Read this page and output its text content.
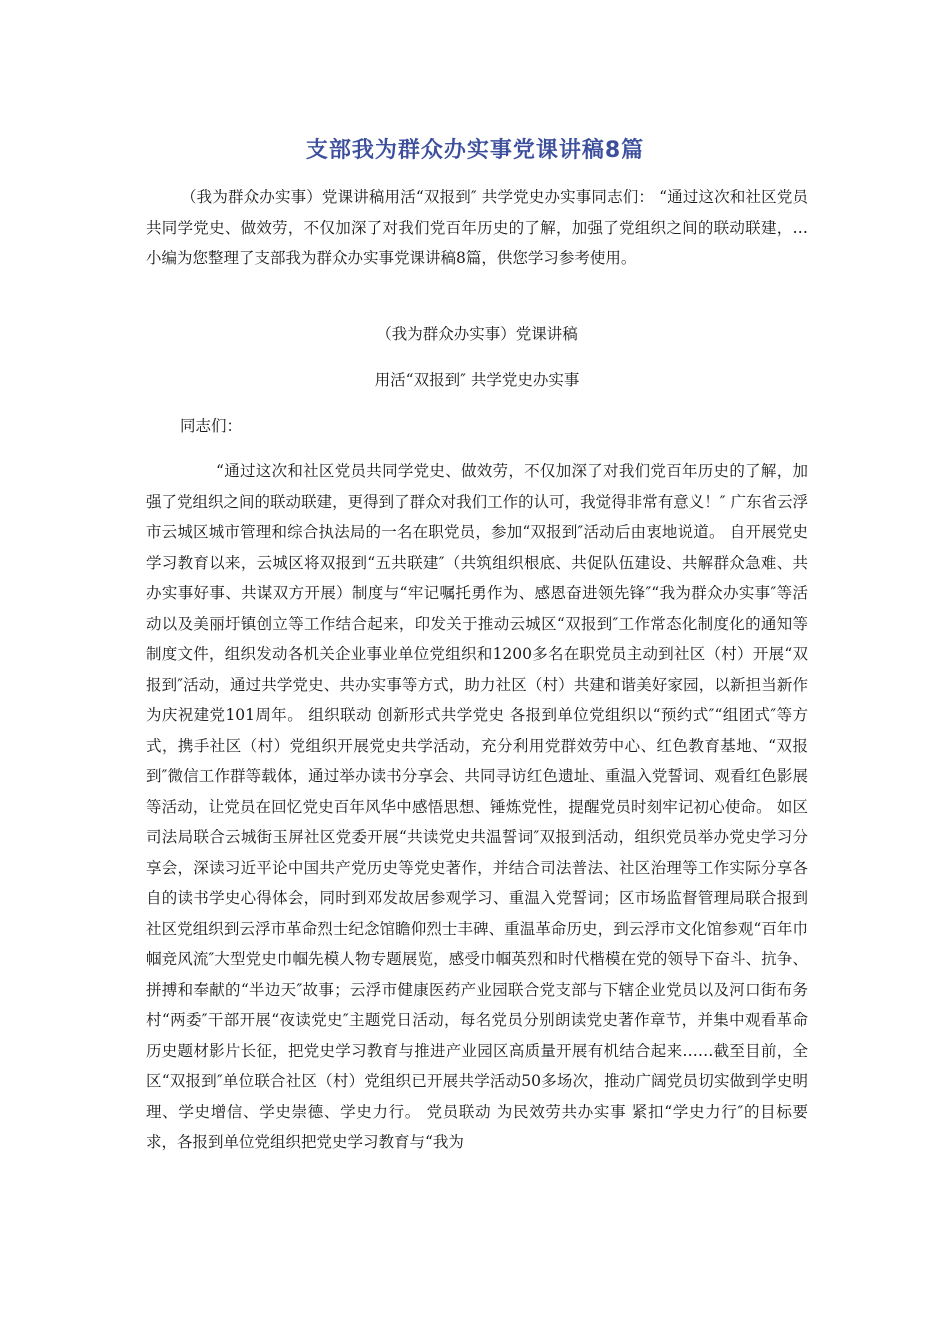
支部我为群众办实事党课讲稿8篇
（我为群众办实事）党课讲稿用活“双报到″ 共学党史办实事同志们： “通过这次和社区党员共同学党史、做效劳，不仅加深了对我们党百年历史的了解，加强了党组织之间的联动联建，…小编为您整理了支部我为群众办实事党课讲稿8篇，供您学习参考使用。
（我为群众办实事）党课讲稿
用活“双报到″ 共学党史办实事
同志们：
“通过这次和社区党员共同学党史、做效劳，不仅加深了对我们党百年历史的了解，加强了党组织之间的联动联建，更得到了群众对我们工作的认可，我觉得非常有意义！″ 广东省云浮市云城区城市管理和综合执法局的一名在职党员，参加“双报到″活动后由衷地说道。 自开展党史学习教育以来，云城区将双报到“五共联建″（共筑组织根底、共促队伍建设、共解群众急难、共办实事好事、共谋双方开展）制度与“牢记嘱托勇作为、感恩奋进领先锋″“我为群众办实事″等活动以及美丽圩镇创立等工作结合起来，印发关于推动云城区“双报到″工作常态化制度化的通知等制度文件，组织发动各机关企业事业单位党组织和1200多名在职党员主动到社区（村）开展“双报到″活动，通过共学党史、共办实事等方式，助力社区（村）共建和谐美好家园，以新担当新作为庆祝建党101周年。 组织联动 创新形式共学党史 各报到单位党组织以“预约式″“组团式″等方式，携手社区（村）党组织开展党史共学活动，充分利用党群效劳中心、红色教育基地、“双报到″微信工作群等载体，通过举办读书分享会、共同寻访红色遗址、重温入党誓词、观看红色影展等活动，让党员在回忆党史百年风华中感悟思想、锤炼党性，提醒党员时刻牢记初心使命。 如区司法局联合云城街玉屏社区党委开展“共读党史共温誓词″双报到活动，组织党员举办党史学习分享会，深读习近平论中国共产党历史等党史著作，并结合司法普法、社区治理等工作实际分享各自的读书学史心得体会，同时到邓发故居参观学习、重温入党誓词；区市场监督管理局联合报到社区党组织到云浮市革命烈士纪念馆瞻仰烈士丰碑、重温革命历史，到云浮市文化馆参观“百年巾帼竞风流″大型党史巾帼先模人物专题展览，感受巾帼英烈和时代楷模在党的领导下奋斗、抗争、拼搏和奉献的“半边天″故事；云浮市健康医药产业园联合党支部与下辖企业党员以及河口街布务村“两委″干部开展“夜读党史″主题党日活动，每名党员分别朗读党史著作章节，并集中观看革命历史题材影片长征，把党史学习教育与推进产业园区高质量开展有机结合起来……截至目前，全区“双报到″单位联合社区（村）党组织已开展共学活动50多场次，推动广阔党员切实做到学史明理、学史增信、学史崇德、学史力行。 党员联动 为民效劳共办实事 紧扣“学史力行″的目标要求，各报到单位党组织把党史学习教育与“我为
